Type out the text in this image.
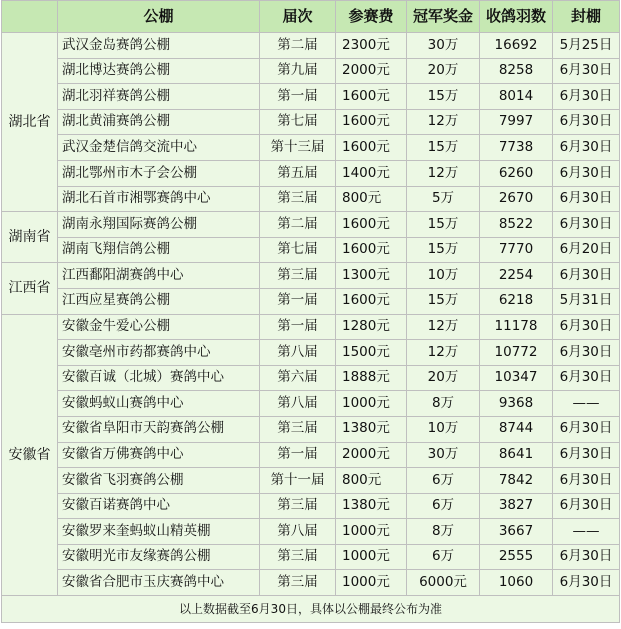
	公棚	届次	参赛费	冠军奖金	收鸽羽数	封棚
湖北省	武汉金岛赛鸽公棚	第二届	2300元	30万	16692	5月25日
	湖北博达赛鸽公棚	第九届	2000元	20万	8258	6月30日
	湖北羽祥赛鸽公棚	第一届	1600元	15万	8014	6月30日
	湖北黄浦赛鸽公棚	第七届	1600元	12万	7997	6月30日
	武汉金楚信鸽交流中心	第十三届	1600元	15万	7738	6月30日
	湖北鄂州市木子会公棚	第五届	1400元	12万	6260	6月30日
	湖北石首市湘鄂赛鸽中心	第三届	800元	5万	2670	6月30日
湖南省	湖南永翔国际赛鸽公棚	第二届	1600元	15万	8522	6月30日
	湖南飞翔信鸽公棚	第七届	1600元	15万	7770	6月20日
江西省	江西鄱阳湖赛鸽中心	第三届	1300元	10万	2254	6月30日
	江西应星赛鸽公棚	第一届	1600元	15万	6218	5月31日
安徽省	安徽金牛爱心公棚	第一届	1280元	12万	11178	6月30日
	安徽亳州市药都赛鸽中心	第八届	1500元	12万	10772	6月30日
	安徽百诚（北城）赛鸽中心	第六届	1888元	20万	10347	6月30日
	安徽蚂蚁山赛鸽中心	第八届	1000元	8万	9368	——
	安徽省阜阳市天韵赛鸽公棚	第三届	1380元	10万	8744	6月30日
	安徽省万佛赛鸽中心	第一届	2000元	30万	8641	6月30日
	安徽省飞羽赛鸽公棚	第十一届	800元	6万	7842	6月30日
	安徽百诺赛鸽中心	第三届	1380元	6万	3827	6月30日
	安徽罗来奎蚂蚁山精英棚	第八届	1000元	8万	3667	——
	安徽明光市友缘赛鸽公棚	第三届	1000元	6万	2555	6月30日
	安徽省合肥市玉庆赛鸽中心	第三届	1000元	6000元	1060	6月30日
以上数据截至6月30日，具体以公棚最终公布为准						
